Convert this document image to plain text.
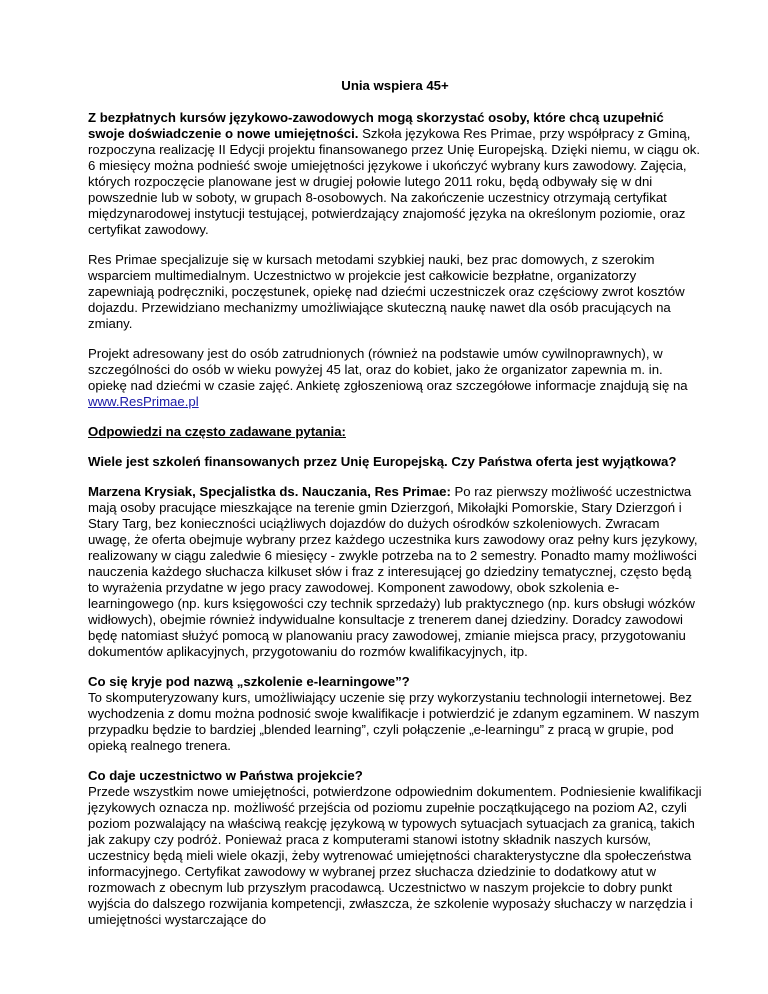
Unia wspiera 45+

Z bezpłatnych kursów językowo-zawodowych mogą skorzystać osoby, które chcą uzupełnić swoje doświadczenie o nowe umiejętności. Szkoła językowa Res Primae, przy współpracy z Gminą, rozpoczyna realizację II Edycji projektu finansowanego przez Unię Europejską. Dzięki niemu, w ciągu ok. 6 miesięcy można podnieść swoje umiejętności językowe i ukończyć wybrany kurs zawodowy. Zajęcia, których rozpoczęcie planowane jest w drugiej połowie lutego 2011 roku, będą odbywały się w dni powszednie lub w soboty, w grupach 8-osobowych. Na zakończenie uczestnicy otrzymają certyfikat międzynarodowej instytucji testującej, potwierdzający znajomość języka na określonym poziomie, oraz certyfikat zawodowy.

Res Primae specjalizuje się w kursach metodami szybkiej nauki, bez prac domowych, z szerokim wsparciem multimedialnym. Uczestnictwo w projekcie jest całkowicie bezpłatne, organizatorzy zapewniają podręczniki, poczęstunek, opiekę nad dziećmi uczestniczek oraz częściowy zwrot kosztów dojazdu. Przewidziano mechanizmy umożliwiające skuteczną naukę nawet dla osób pracujących na zmiany.

Projekt adresowany jest do osób zatrudnionych (również na podstawie umów cywilnoprawnych), w szczególności do osób w wieku powyżej 45 lat, oraz do kobiet, jako że organizator zapewnia m. in. opiekę nad dziećmi w czasie zajęć. Ankietę zgłoszeniową oraz szczegółowe informacje znajdują się na www.ResPrimae.pl

Odpowiedzi na często zadawane pytania:

Wiele jest szkoleń finansowanych przez Unię Europejską. Czy Państwa oferta jest wyjątkowa?

Marzena Krysiak, Specjalistka ds. Nauczania, Res Primae: Po raz pierwszy możliwość uczestnictwa mają osoby pracujące mieszkające na terenie gmin Dzierzgoń, Mikołajki Pomorskie, Stary Dzierzgoń i Stary Targ, bez konieczności uciążliwych dojazdów do dużych ośrodków szkoleniowych. Zwracam uwagę, że oferta obejmuje wybrany przez każdego uczestnika kurs zawodowy oraz pełny kurs językowy, realizowany w ciągu zaledwie 6 miesięcy - zwykle potrzeba na to 2 semestry. Ponadto mamy możliwości nauczenia każdego słuchacza kilkuset słów i fraz z interesującej go dziedziny tematycznej, często będą to wyrażenia przydatne w jego pracy zawodowej. Komponent zawodowy, obok szkolenia e-learningowego (np. kurs księgowości czy technik sprzedaży) lub praktycznego (np. kurs obsługi wózków widłowych), obejmie również indywidualne konsultacje z trenerem danej dziedziny. Doradcy zawodowi będę natomiast służyć pomocą w planowaniu pracy zawodowej, zmianie miejsca pracy, przygotowaniu dokumentów aplikacyjnych, przygotowaniu do rozmów kwalifikacyjnych, itp.

Co się kryje pod nazwą „szkolenie e-learningowe”?
To skomputeryzowany kurs, umożliwiający uczenie się przy wykorzystaniu technologii internetowej. Bez wychodzenia z domu można podnosić swoje kwalifikacje i potwierdzić je zdanym egzaminem. W naszym przypadku będzie to bardziej „blended learning”, czyli połączenie „e-learningu” z pracą w grupie, pod opieką realnego trenera.
Co daje uczestnictwo w Państwa projekcie?
Przede wszystkim nowe umiejętności, potwierdzone odpowiednim dokumentem. Podniesienie kwalifikacji językowych oznacza np. możliwość przejścia od poziomu zupełnie początkującego na poziom A2, czyli poziom pozwalający na właściwą reakcję językową w typowych sytuacjach sytuacjach za granicą, takich jak zakupy czy podróż. Ponieważ praca z komputerami stanowi istotny składnik naszych kursów, uczestnicy będą mieli wiele okazji, żeby wytrenować umiejętności charakterystyczne dla społeczeństwa informacyjnego. Certyfikat zawodowy w wybranej przez słuchacza dziedzinie to dodatkowy atut w rozmowach z obecnym lub przyszłym pracodawcą. Uczestnictwo w naszym projekcie to dobry punkt wyjścia do dalszego rozwijania kompetencji, zwłaszcza, że szkolenie wyposaży słuchaczy w narzędzia i umiejętności wystarczające do
